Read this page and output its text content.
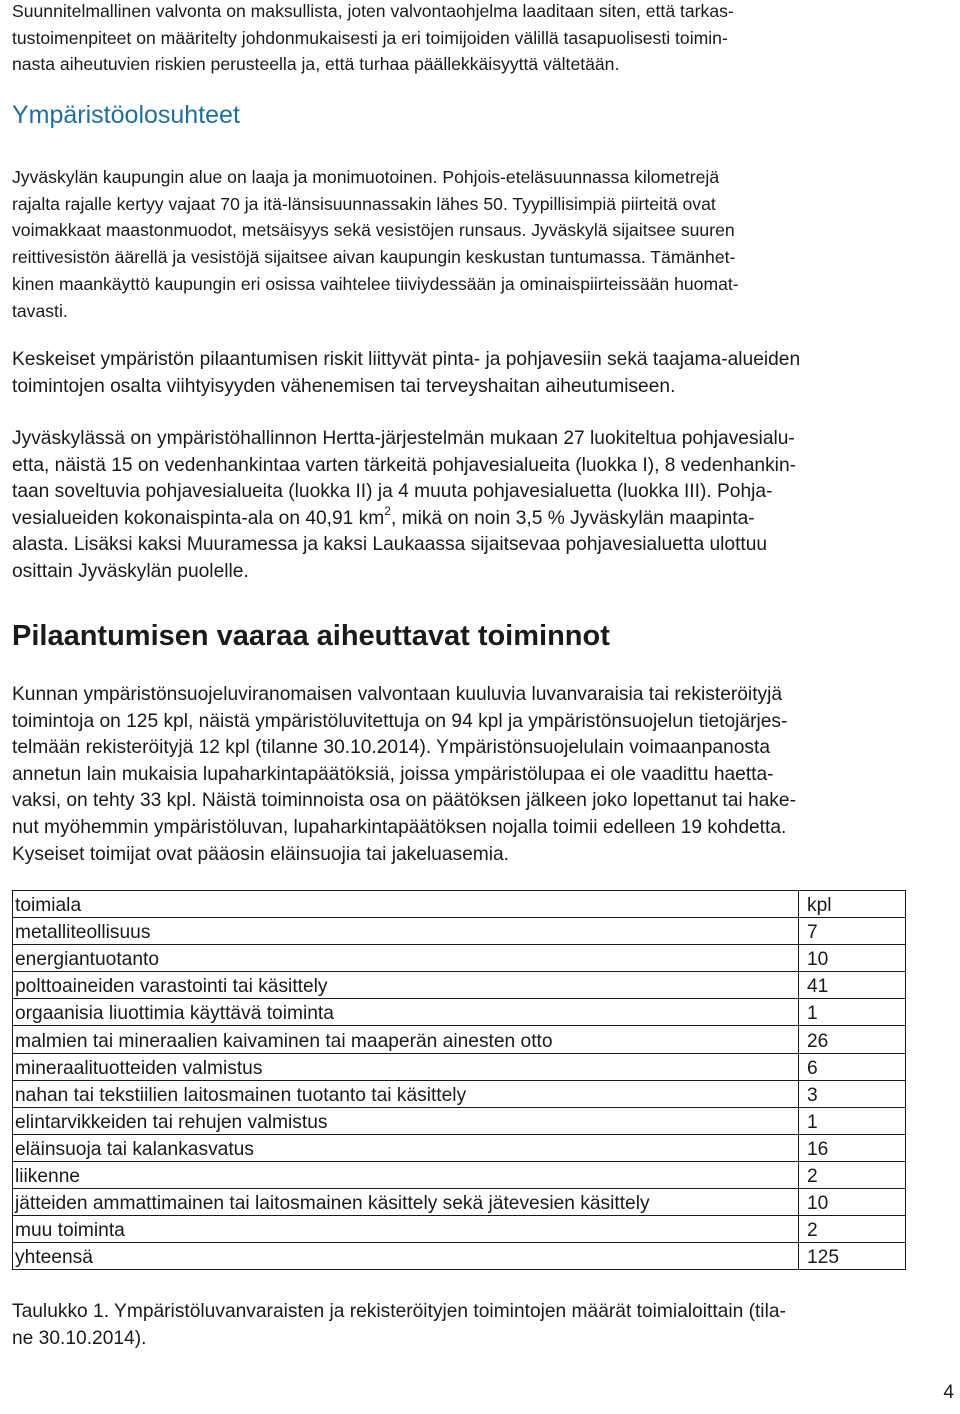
Suunnitelmallinen valvonta on maksullista, joten valvontaohjelma laaditaan siten, että tarkas-
tustoimenpiteet on määritelty johdonmukaisesti ja eri toimijoiden välillä tasapuolisesti toimin-
nasta aiheutuvien riskien perusteella ja, että turhaa päällekkäisyyttä vältetään.

Ympäristöolosuhteet

Jyväskylän kaupungin alue on laaja ja monimuotoinen. Pohjois-eteläsuunnassa kilometrejä
rajalta rajalle kertyy vajaat 70 ja itä-länsisuunnassakin lähes 50. Tyypillisimpiä piirteitä ovat
voimakkaat maastonmuodot, metsäisyys sekä vesistöjen runsaus. Jyväskylä sijaitsee suuren
reittivesistön äärellä ja vesistöjä sijaitsee aivan kaupungin keskustan tuntumassa. Tämänhet-
kinen maankäyttö kaupungin eri osissa vaihtelee tiiviydessään ja ominaispiirteissään huomat-
tavasti.

Keskeiset ympäristön pilaantumisen riskit liittyvät pinta- ja pohjavesiin sekä taajama-alueiden
toimintojen osalta viihtyisyyden vähenemisen tai terveyshaitan aiheutumiseen.

Jyväskylässä on ympäristöhallinnon Hertta-järjestelmän mukaan 27 luokiteltua pohjavesialu-
etta, näistä 15 on vedenhankintaa varten tärkeitä pohjavesialueita (luokka I), 8 vedenhankin-
taan soveltuvia pohjavesialueita (luokka II) ja 4 muuta pohjavesialuetta (luokka III). Pohja-
vesialueiden kokonaispinta-ala on 40,91 $km^2$, mikä on noin 3,5 % Jyväskylän maapinta-
alasta. Lisäksi kaksi Muuramessa ja kaksi Laukaassa sijaitsevaa pohjavesialuetta ulottuu
osittain Jyväskylän puolelle.

Pilaantumisen vaaraa aiheuttavat toiminnot

Kunnan ympäristönsuojeluviranomaisen valvontaan kuuluvia luvanvaraisia tai rekisteröityjä
toimintoja on 125 kpl, näistä ympäristöluvitettuja on 94 kpl ja ympäristönsuojelun tietojärjes-
telmään rekisteröityjä 12 kpl (tilanne 30.10.2014). Ympäristönsuojelulain voimaanpanosta
annetun lain mukaisia lupaharkintapäätöksiä, joissa ympäristölupaa ei ole vaadittu haetta-
vaksi, on tehty 33 kpl. Näistä toiminnoista osa on päätöksen jälkeen joko lopettanut tai hake-
nut myöhemmin ympäristöluvan, lupaharkintapäätöksen nojalla toimii edelleen 19 kohdetta.
Kyseiset toimijat ovat pääosin eläinsuojia tai jakeluasemia.

toimiala	kpl
metalliteollisuus	7
energiantuotanto	10
polttoaineiden varastointi tai käsittely	41
orgaanisia liuottimia käyttävä toiminta	1
malmien tai mineraalien kaivaminen tai maaperän ainesten otto	26
mineraalituotteiden valmistus	6
nahan tai tekstiilien laitosmainen tuotanto tai käsittely	3
elintarvikkeiden tai rehujen valmistus	1
eläinsuoja tai kalankasvatus	16
liikenne	2
jätteiden ammattimainen tai laitosmainen käsittely sekä jätevesien käsittely	10
muu toiminta	2
yhteensä	125

Taulukko 1. Ympäristöluvanvaraisten ja rekisteröityjen toimintojen määrät toimialoittain (tila-
ne 30.10.2014).

4
